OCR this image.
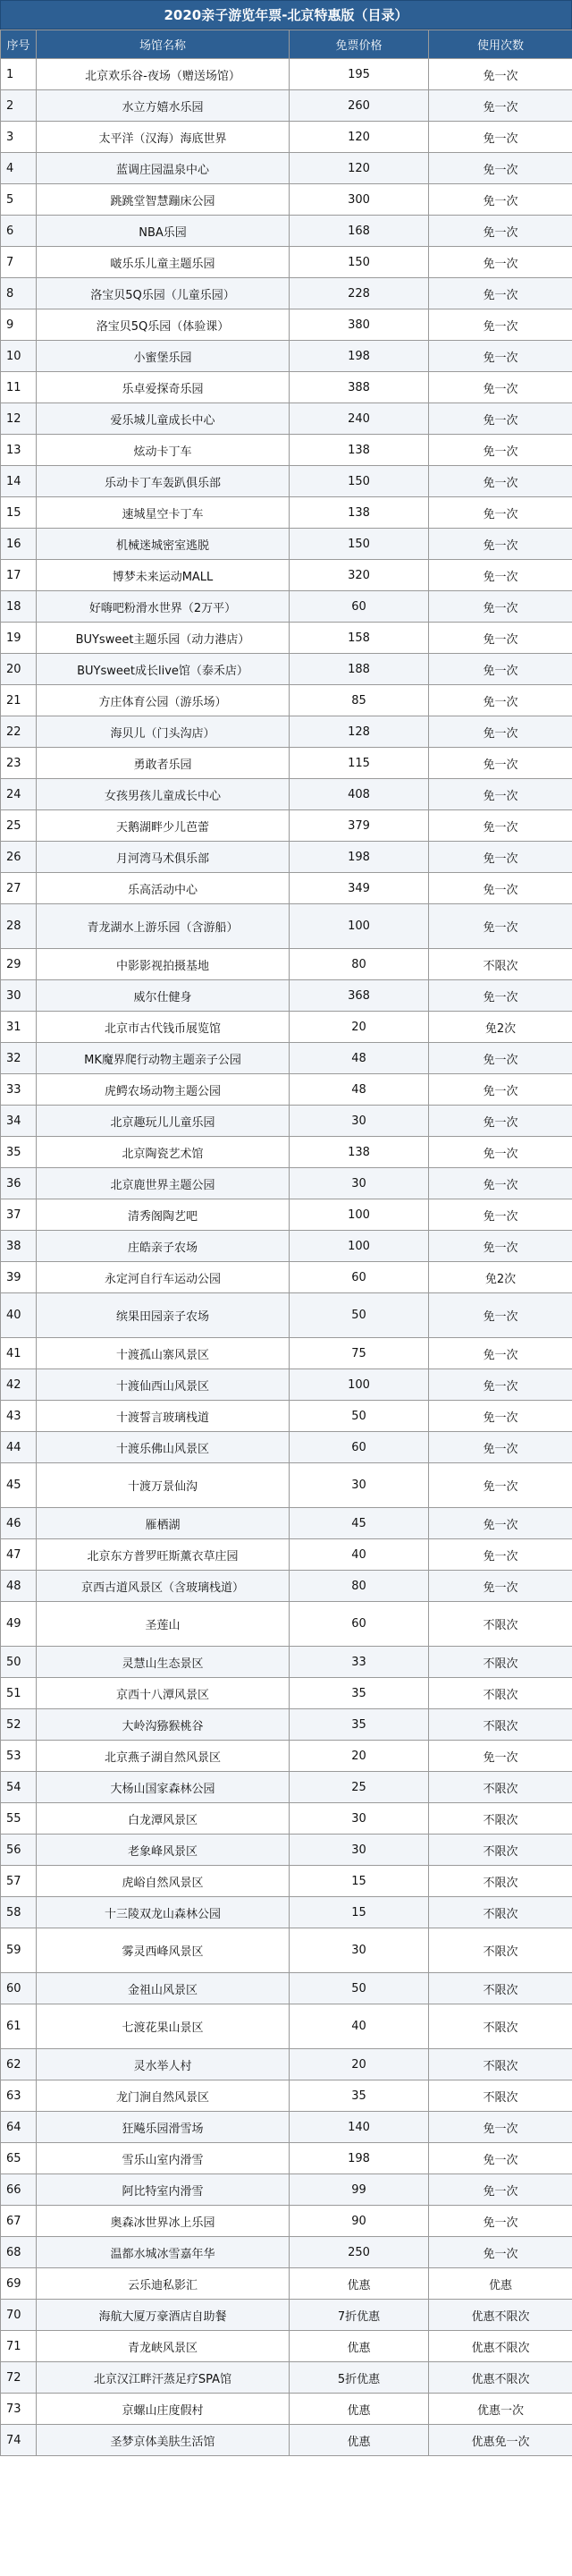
2020亲子游览年票-北京特惠版（目录）
序号	场馆名称	免票价格	使用次数
1	北京欢乐谷-夜场（赠送场馆）	195	免一次
2	水立方嬉水乐园	260	免一次
3	太平洋（汉海）海底世界	120	免一次
4	蓝调庄园温泉中心	120	免一次
5	跳跳堂智慧蹦床公园	300	免一次
6	NBA乐园	168	免一次
7	啵乐乐儿童主题乐园	150	免一次
8	洛宝贝5Q乐园（儿童乐园）	228	免一次
9	洛宝贝5Q乐园（体验课）	380	免一次
10	小蜜堡乐园	198	免一次
11	乐卓爱探奇乐园	388	免一次
12	爱乐城儿童成长中心	240	免一次
13	炫动卡丁车	138	免一次
14	乐动卡丁车轰趴俱乐部	150	免一次
15	速城星空卡丁车	138	免一次
16	机械迷城密室逃脱	150	免一次
17	博梦未来运动MALL	320	免一次
18	好嗨吧粉滑水世界（2万平）	60	免一次
19	BUYsweet主题乐园（动力港店）	158	免一次
20	BUYsweet成长live馆（泰禾店）	188	免一次
21	方庄体育公园（游乐场）	85	免一次
22	海贝儿（门头沟店）	128	免一次
23	勇敢者乐园	115	免一次
24	女孩男孩儿童成长中心	408	免一次
25	天鹅湖畔少儿芭蕾	379	免一次
26	月河湾马术俱乐部	198	免一次
27	乐高活动中心	349	免一次
28	青龙湖水上游乐园（含游船）	100	免一次
29	中影影视拍摄基地	80	不限次
30	威尔仕健身	368	免一次
31	北京市古代钱币展览馆	20	免2次
32	MK魔界爬行动物主题亲子公园	48	免一次
33	虎鳄农场动物主题公园	48	免一次
34	北京趣玩儿儿童乐园	30	免一次
35	北京陶瓷艺术馆	138	免一次
36	北京鹿世界主题公园	30	免一次
37	清秀阁陶艺吧	100	免一次
38	庄皓亲子农场	100	免一次
39	永定河自行车运动公园	60	免2次
40	缤果田园亲子农场	50	免一次
41	十渡孤山寨风景区	75	免一次
42	十渡仙西山风景区	100	免一次
43	十渡誓言玻璃栈道	50	免一次
44	十渡乐佛山风景区	60	免一次
45	十渡万景仙沟	30	免一次
46	雁栖湖	45	免一次
47	北京东方普罗旺斯薰衣草庄园	40	免一次
48	京西古道风景区（含玻璃栈道）	80	免一次
49	圣莲山	60	不限次
50	灵慧山生态景区	33	不限次
51	京西十八潭风景区	35	不限次
52	大岭沟猕猴桃谷	35	不限次
53	北京燕子湖自然风景区	20	免一次
54	大杨山国家森林公园	25	不限次
55	白龙潭风景区	30	不限次
56	老象峰风景区	30	不限次
57	虎峪自然风景区	15	不限次
58	十三陵双龙山森林公园	15	不限次
59	雾灵西峰风景区	30	不限次
60	金祖山风景区	50	不限次
61	七渡花果山景区	40	不限次
62	灵水举人村	20	不限次
63	龙门涧自然风景区	35	不限次
64	狂飚乐园滑雪场	140	免一次
65	雪乐山室内滑雪	198	免一次
66	阿比特室内滑雪	99	免一次
67	奥森冰世界冰上乐园	90	免一次
68	温都水城冰雪嘉年华	250	免一次
69	云乐迪私影汇	优惠	优惠
70	海航大厦万豪酒店自助餐	7折优惠	优惠不限次
71	青龙峡风景区	优惠	优惠不限次
72	北京汉江畔汗蒸足疗SPA馆	5折优惠	优惠不限次
73	京螺山庄度假村	优惠	优惠一次
74	圣梦京体美肤生活馆	优惠	优惠免一次
